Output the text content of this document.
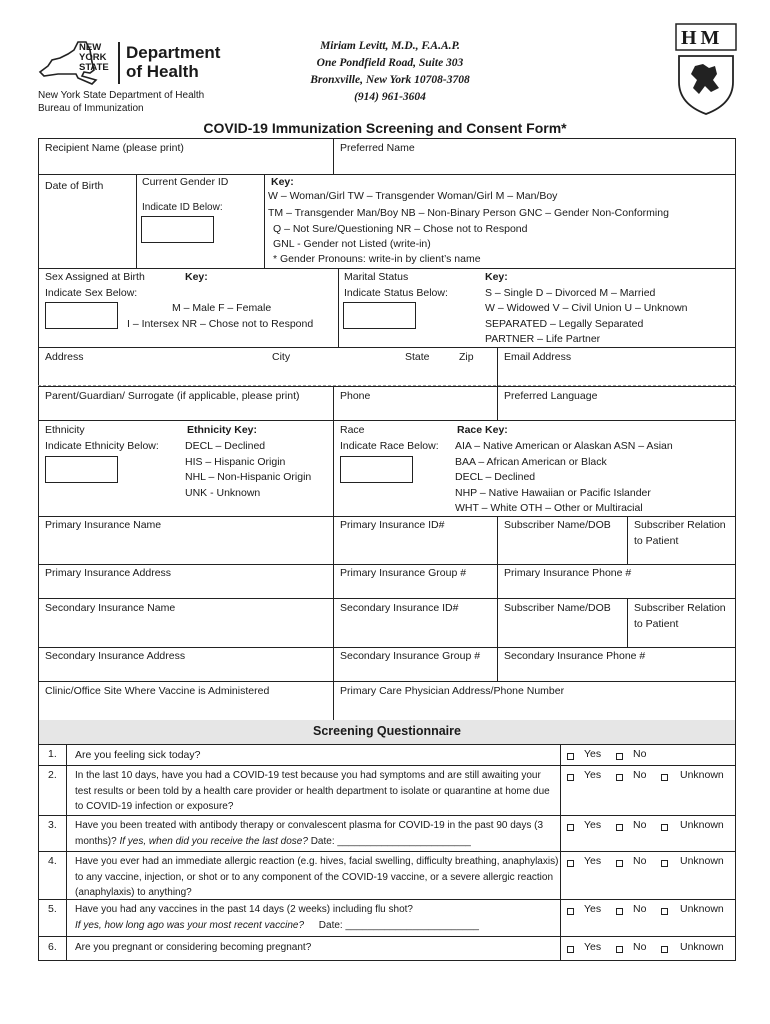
NEW
YORK
STATE
Department
of Health
New York State Department of Health
Bureau of Immunization
Miriam Levitt, M.D., F.A.A.P.
One Pondfield Road, Suite 303
Bronxville, New York 10708-3708
(914) 961-3604
HM
COVID-19 Immunization Screening and Consent Form*
Recipient Name (please print)	Preferred Name
Date of Birth	Current Gender ID
Indicate ID Below:
Key:
W – Woman/Girl TW – Transgender Woman/Girl M – Man/Boy
TM – Transgender Man/Boy NB – Non-Binary Person GNC – Gender Non-Conforming
Q – Not Sure/Questioning NR – Chose not to Respond
GNL - Gender not Listed (write-in)
* Gender Pronouns: write-in by client’s name
Sex Assigned at Birth
Indicate Sex Below:
Key:
M – Male F – Female
I – Intersex NR – Chose not to Respond
Marital Status
Indicate Status Below:
Key:
S – Single D – Divorced M – Married
W – Widowed V – Civil Union U – Unknown
SEPARATED – Legally Separated
PARTNER – Life Partner
Address	City	State	Zip	Email Address
Parent/Guardian/ Surrogate (if applicable, please print)	Phone	Preferred Language
Ethnicity
Indicate Ethnicity Below:
Ethnicity Key:
DECL – Declined
HIS – Hispanic Origin
NHL – Non-Hispanic Origin
UNK - Unknown
Race
Indicate Race Below:
Race Key:
AIA – Native American or Alaskan ASN – Asian
BAA – African American or Black
DECL – Declined
NHP – Native Hawaiian or Pacific Islander
WHT – White OTH – Other or Multiracial
Primary Insurance Name	Primary Insurance ID#	Subscriber Name/DOB Subscriber Relation
to Patient
Primary Insurance Address	Primary Insurance Group #	Primary Insurance Phone #
Secondary Insurance Name	Secondary Insurance ID#	Subscriber Name/DOB Subscriber Relation
to Patient
Secondary Insurance Address	Secondary Insurance Group # Secondary Insurance Phone #
Clinic/Office Site Where Vaccine is Administered	Primary Care Physician Address/Phone Number
Screening Questionnaire
1. Are you feeling sick today?	Yes	No
2. In the last 10 days, have you had a COVID-19 test because you had symptoms and are still awaiting your test results or been told by a health care provider or health department to isolate or quarantine at home due to COVID-19 infection or exposure?
Yes	No	Unknown
3. Have you been treated with antibody therapy or convalescent plasma for COVID-19 in the past 90 days (3 months)? If yes, when did you receive the last dose? Date: ________________________
Yes	No	Unknown
4. Have you ever had an immediate allergic reaction (e.g. hives, facial swelling, difficulty breathing, anaphylaxis) to any vaccine, injection, or shot or to any component of the COVID-19 vaccine, or a severe allergic reaction (anaphylaxis) to anything?
Yes	No	Unknown
5. Have you had any vaccines in the past 14 days (2 weeks) including flu shot?
If yes, how long ago was your most recent vaccine? Date: ________________________
Yes	No	Unknown
6. Are you pregnant or considering becoming pregnant?	Yes	No	Unknown
